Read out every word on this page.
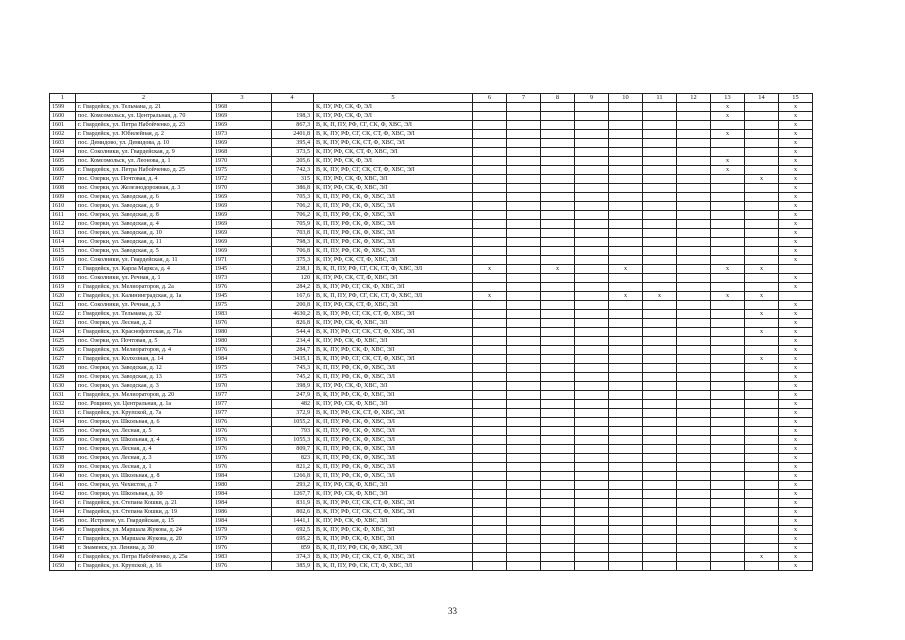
1	2	3	4	5	6	7	8	9	10	11	12	13	14	15
1599	г. Гвардейск, ул. Тельмана, д. 21	1968		К, ПУ, РФ, СК, Ф, ЭЛ								x		x
1600	пос. Комсомольск, ул. Центральная, д. 70	1969	198,3	К, ПУ, РФ, СК, Ф, ЭЛ								x		x
1601	г. Гвардейск, ул. Петра Набойченко, д. 23	1969	867,3	В, К, П, ПУ, РФ, СГ, СК, Ф, ХВС, ЭЛ										x
1602	г. Гвардейск, ул. Юбилейная, д. 2	1973	2401,8	В, К, ПУ, РФ, СГ, СК, СТ, Ф, ХВС, ЭЛ								x		x
1603	пос. Демидово, ул. Демидова, д. 10	1969	395,4	В, К, ПУ, РФ, СК, СТ, Ф, ХВС, ЭЛ										x
1604	пос. Соколники, ул. Гвардейская, д. 9	1968	373,5	К, ПУ, РФ, СК, СТ, Ф, ХВС, ЭЛ										x
1605	пос. Комсомольск, ул. Леонова, д. 1	1970	205,6	К, ПУ, РФ, СК, Ф, ЭЛ								x		x
1606	г. Гвардейск, ул. Петра Набойченко, д. 25	1975	742,3	В, К, ПУ, РФ, СГ, СК, СТ, Ф, ХВС, ЭЛ								x		x
1607	пос. Озерки, ул. Почтовая, д. 4	1972	315	К, ПУ, РФ, СК, Ф, ХВС, ЭЛ									x	x
1608	пос. Озерки, ул. Железнодорожная, д. 3	1970	386,8	К, ПУ, РФ, СК, Ф, ХВС, ЭЛ										x
1609	пос. Озерки, ул. Заводская, д. 6	1969	705,3	К, П, ПУ, РФ, СК, Ф, ХВС, ЭЛ										x
1610	пос. Озерки, ул. Заводская, д. 9	1969	706,2	К, П, ПУ, РФ, СК, Ф, ХВС, ЭЛ										x
1611	пос. Озерки, ул. Заводская, д. 8	1969	706,2	К, П, ПУ, РФ, СК, Ф, ХВС, ЭЛ										x
1612	пос. Озерки, ул. Заводская, д. 4	1969	705,9	К, П, ПУ, РФ, СК, Ф, ХВС, ЭЛ										x
1613	пос. Озерки, ул. Заводская, д. 10	1969	703,8	К, П, ПУ, РФ, СК, Ф, ХВС, ЭЛ										x
1614	пос. Озерки, ул. Заводская, д. 11	1969	798,3	К, П, ПУ, РФ, СК, Ф, ХВС, ЭЛ										x
1615	пос. Озерки, ул. Заводская, д. 5	1969	706,8	К, П, ПУ, РФ, СК, Ф, ХВС, ЭЛ										x
1616	пос. Соколники, ул. Гвардейская, д. 11	1971	375,3	К, ПУ, РФ, СК, СТ, Ф, ХВС, ЭЛ										x
1617	г. Гвардейск, ул. Карла Маркса, д. 4	1945	238,1	В, К, П, ПУ, РФ, СГ, СК, СТ, Ф, ХВС, ЭЛ	x		x		x			x	x	
1618	пос. Соколники, ул. Речная, д. 1	1973	120	К, ПУ, РФ, СК, СТ, Ф, ХВС, ЭЛ										x
1619	г. Гвардейск, ул. Мелиораторов, д. 2а	1976	284,2	В, К, ПУ, РФ, СГ, СК, Ф, ХВС, ЭЛ										x
1620	г. Гвардейск, ул. Калининградская, д. 1а	1945	167,6	В, К, П, ПУ, РФ, СГ, СК, СТ, Ф, ХВС, ЭЛ	x				x	x		x	x	
1621	пос. Соколники, ул. Речная, д. 3	1975	200,8	К, ПУ, РФ, СК, СТ, Ф, ХВС, ЭЛ										x
1622	г. Гвардейск, ул. Тельмана, д. 32	1983	4630,2	В, К, ПУ, РФ, СГ, СК, СТ, Ф, ХВС, ЭЛ									x	x
1623	пос. Озерки, ул. Лесная, д. 2	1976	826,8	К, ПУ, РФ, СК, Ф, ХВС, ЭЛ										x
1624	г. Гвардейск, ул. Краснофлотская, д. 71а	1980	544,4	В, К, ПУ, РФ, СГ, СК, СТ, Ф, ХВС, ЭЛ									x	x
1625	пос. Озерки, ул. Почтовая, д. 5	1980	234,4	К, ПУ, РФ, СК, Ф, ХВС, ЭЛ										x
1626	г. Гвардейск, ул. Мелиораторов, д. 4	1976	284,7	В, К, ПУ, РФ, СК, Ф, ХВС, ЭЛ										x
1627	г. Гвардейск, ул. Колхозная, д. 14	1984	3435,1	В, К, ПУ, РФ, СГ, СК, СТ, Ф, ХВС, ЭЛ									x	x
1628	пос. Озерки, ул. Заводская, д. 12	1975	745,3	К, П, ПУ, РФ, СК, Ф, ХВС, ЭЛ										x
1629	пос. Озерки, ул. Заводская, д. 13	1975	745,2	К, П, ПУ, РФ, СК, Ф, ХВС, ЭЛ										x
1630	пос. Озерки, ул. Заводская, д. 3	1970	398,9	К, ПУ, РФ, СК, Ф, ХВС, ЭЛ										x
1631	г. Гвардейск, ул. Мелиораторов, д. 20	1977	247,9	В, К, ПУ, РФ, СК, Ф, ХВС, ЭЛ										x
1632	пос. Рощино, ул. Центральная, д. 1а	1977	482	К, ПУ, РФ, СК, Ф, ХВС, ЭЛ										x
1633	г. Гвардейск, ул. Крупской, д. 7а	1977	372,9	В, К, ПУ, РФ, СК, СТ, Ф, ХВС, ЭЛ										x
1634	пос. Озерки, ул. Школьная, д. 6	1976	1055,2	К, П, ПУ, РФ, СК, Ф, ХВС, ЭЛ										x
1635	пос. Озерки, ул. Лесная, д. 5	1976	793	К, П, ПУ, РФ, СК, Ф, ХВС, ЭЛ										x
1636	пос. Озерки, ул. Школьная, д. 4	1976	1055,3	К, П, ПУ, РФ, СК, Ф, ХВС, ЭЛ										x
1637	пос. Озерки, ул. Лесная, д. 4	1976	809,7	К, П, ПУ, РФ, СК, Ф, ХВС, ЭЛ										x
1638	пос. Озерки, ул. Лесная, д. 3	1976	823	К, П, ПУ, РФ, СК, Ф, ХВС, ЭЛ										x
1639	пос. Озерки, ул. Лесная, д. 1	1976	821,2	К, П, ПУ, РФ, СК, Ф, ХВС, ЭЛ										x
1640	пос. Озерки, ул. Школьная, д. 8	1984	1266,8	К, П, ПУ, РФ, СК, Ф, ХВС, ЭЛ										x
1641	пос. Озерки, ул. Чехистов, д. 7	1980	293,2	К, ПУ, РФ, СК, Ф, ХВС, ЭЛ										x
1642	пос. Озерки, ул. Школьная, д. 10	1984	1267,7	К, ПУ, РФ, СК, Ф, ХВС, ЭЛ										x
1643	г. Гвардейск, ул. Степана Кошки, д. 21	1984	831,9	В, К, ПУ, РФ, СГ, СК, СТ, Ф, ХВС, ЭЛ										x
1644	г. Гвардейск, ул. Степана Кошки, д. 19	1986	802,6	В, К, ПУ, РФ, СГ, СК, СТ, Ф, ХВС, ЭЛ										x
1645	пос. Истровое, ул. Гвардейская, д. 15	1984	1441,1	К, ПУ, РФ, СК, Ф, ХВС, ЭЛ										x
1646	г. Гвардейск, ул. Маршала Жукова, д. 24	1979	692,5	В, К, ПУ, РФ, СК, Ф, ХВС, ЭЛ										x
1647	г. Гвардейск, ул. Маршала Жукова, д. 20	1979	695,2	В, К, ПУ, РФ, СК, Ф, ХВС, ЭЛ										x
1648	г. Знаменск, ул. Ленина, д. 30	1976	859	В, К, П, ПУ, РФ, СК, Ф, ХВС, ЭЛ										x
1649	г. Гвардейск, ул. Петра Набойченко, д. 25а	1983	374,3	В, К, ПУ, РФ, СГ, СК, СТ, Ф, ХВС, ЭЛ									x	x
1650	г. Гвардейск, ул. Крупской, д. 16	1976	385,9	В, К, П, ПУ, РФ, СК, СТ, Ф, ХВС, ЭЛ										x
33
